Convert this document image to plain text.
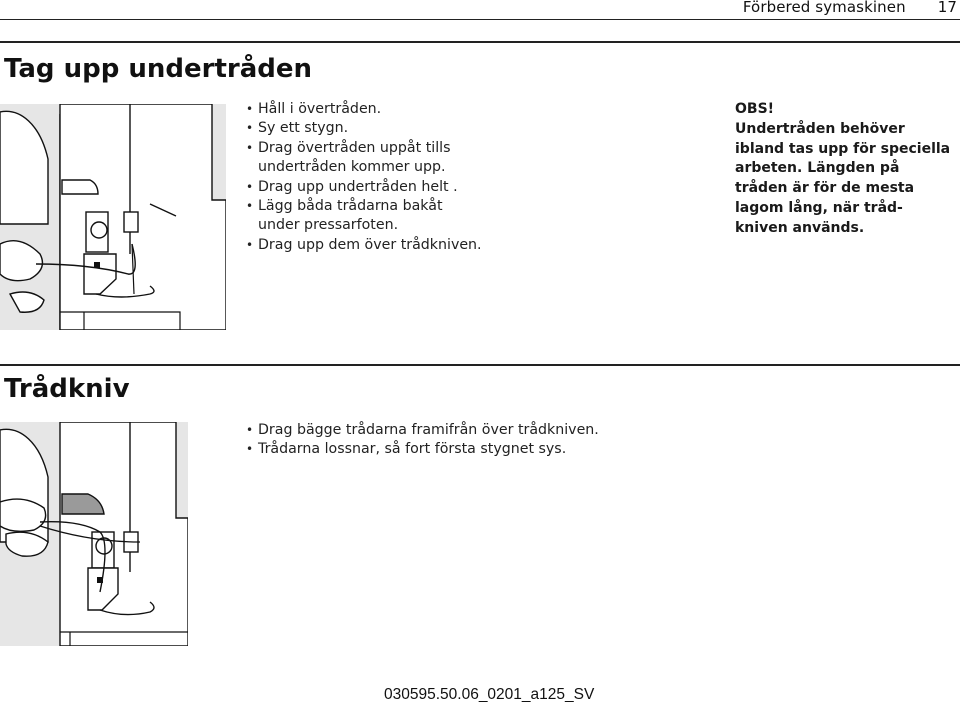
Förbered symaskinen 17
Tag upp undertråden
• Håll i övertråden.
• Sy ett stygn.
• Drag övertråden uppåt tills
undertråden kommer upp.
• Drag upp undertråden helt .
• Lägg båda trådarna bakåt
under pressarfoten.
• Drag upp dem över trådkniven.
OBS!
Undertråden behöver ibland tas upp för speciella arbeten. Längden på tråden är för de mesta lagom lång, när tråd-kniven används.
Trådkniv
• Drag bägge trådarna framifrån över trådkniven.
• Trådarna lossnar, så fort första stygnet sys.
030595.50.06_0201_a125_SV
